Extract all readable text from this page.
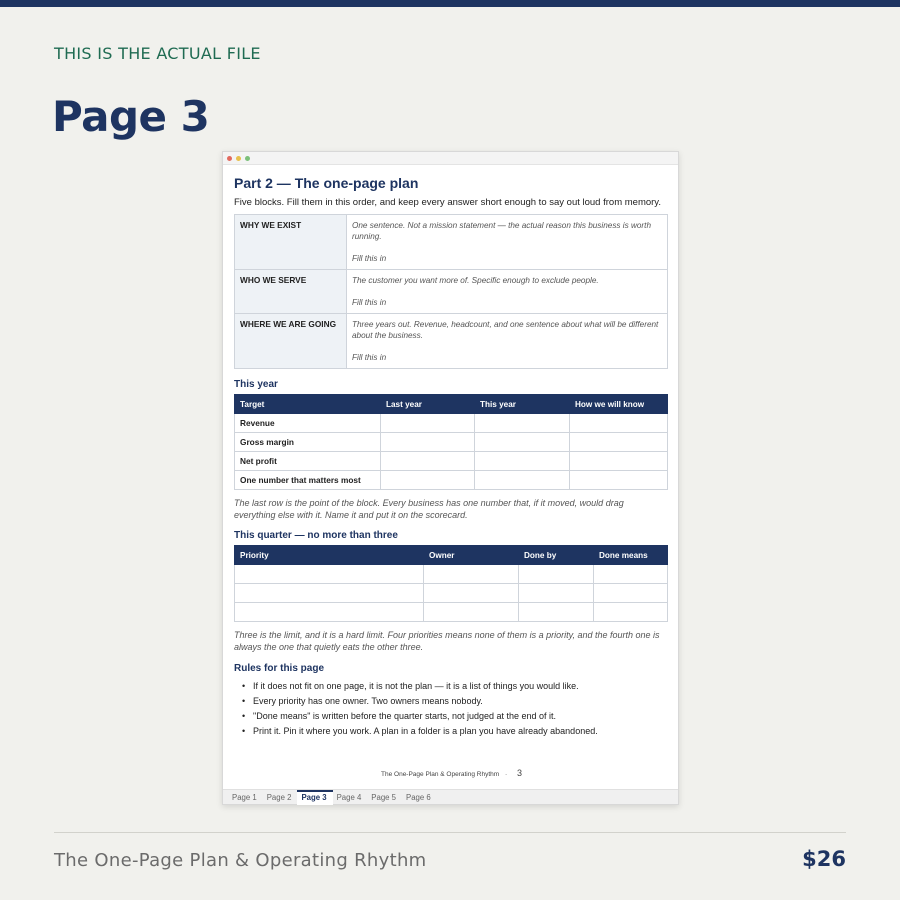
THIS IS THE ACTUAL FILE
Page 3
Part 2 — The one-page plan

Five blocks. Fill them in this order, and keep every answer short enough to say out loud from memory.

WHY WE EXIST	One sentence. Not a mission statement — the actual reason this business is worth running.
Fill this in

WHO WE SERVE	The customer you want more of. Specific enough to exclude people.
Fill this in

WHERE WE ARE GOING	Three years out. Revenue, headcount, and one sentence about what will be different about the business.
Fill this in
This year
Target	Last year	This year	How we will know
Revenue			
Gross margin			
Net profit			
One number that matters most			

The last row is the point of the block. Every business has one number that, if it moved, would drag everything else with it. Name it and put it on the scorecard.

This quarter — no more than three
Priority	Owner	Done by	Done means

Three is the limit, and it is a hard limit. Four priorities means none of them is a priority, and the fourth one is always the one that quietly eats the other three.

Rules for this page
• If it does not fit on one page, it is not the plan — it is a list of things you would like.
• Every priority has one owner. Two owners means nobody.
• "Done means" is written before the quarter starts, not judged at the end of it.
• Print it. Pin it where you work. A plan in a folder is a plan you have already abandoned.
The One-Page Plan & Operating Rhythm · 3
Page 1	Page 2	Page 3	Page 4	Page 5	Page 6
The One-Page Plan & Operating Rhythm	$26
